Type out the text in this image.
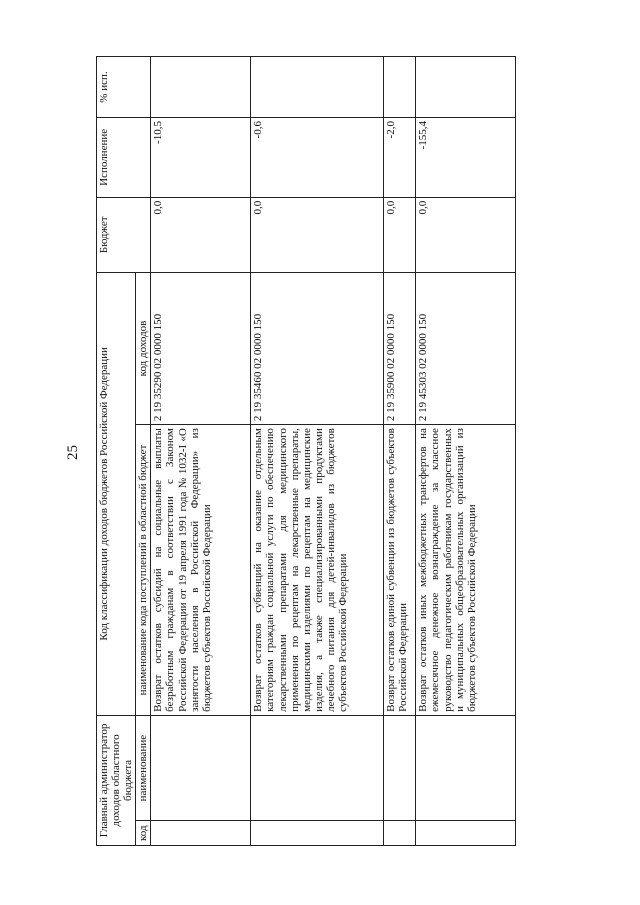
25
Главный администратор доходов областного бюджета		Код классификации доходов бюджетов Российской Федерации		Бюджет	Исполнение	% исп.
код	наименование	наименование кода поступлений в областной бюджет	код доходов			
		Возврат остатков субсидий на социальные выплаты безработным гражданам в соответствии с Законом Российской Федерации от 19 апреля 1991 года № 1032-I «О занятости населения в Российской Федерации» из бюджетов субъектов Российской Федерации	2 19 35290 02 0000 150	0,0	-10,5	
		Возврат остатков субвенций на оказание отдельным категориям граждан социальной услуги по обеспечению лекарственными препаратами для медицинского применения по рецептам на лекарственные препараты, медицинскими изделиями по рецептам на медицинские изделия, а также специализированными продуктами лечебного питания для детей-инвалидов из бюджетов субъектов Российской Федерации	2 19 35460 02 0000 150	0,0	-0,6	
		Возврат остатков единой субвенции из бюджетов субъектов Российской Федерации	2 19 35900 02 0000 150	0,0	-2,0	
		Возврат остатков иных межбюджетных трансфертов на ежемесячное денежное вознаграждение за классное руководство педагогическим работникам государственных и муниципальных общеобразовательных организаций из бюджетов субъектов Российской Федерации	2 19 45303 02 0000 150	0,0	-155,4	
